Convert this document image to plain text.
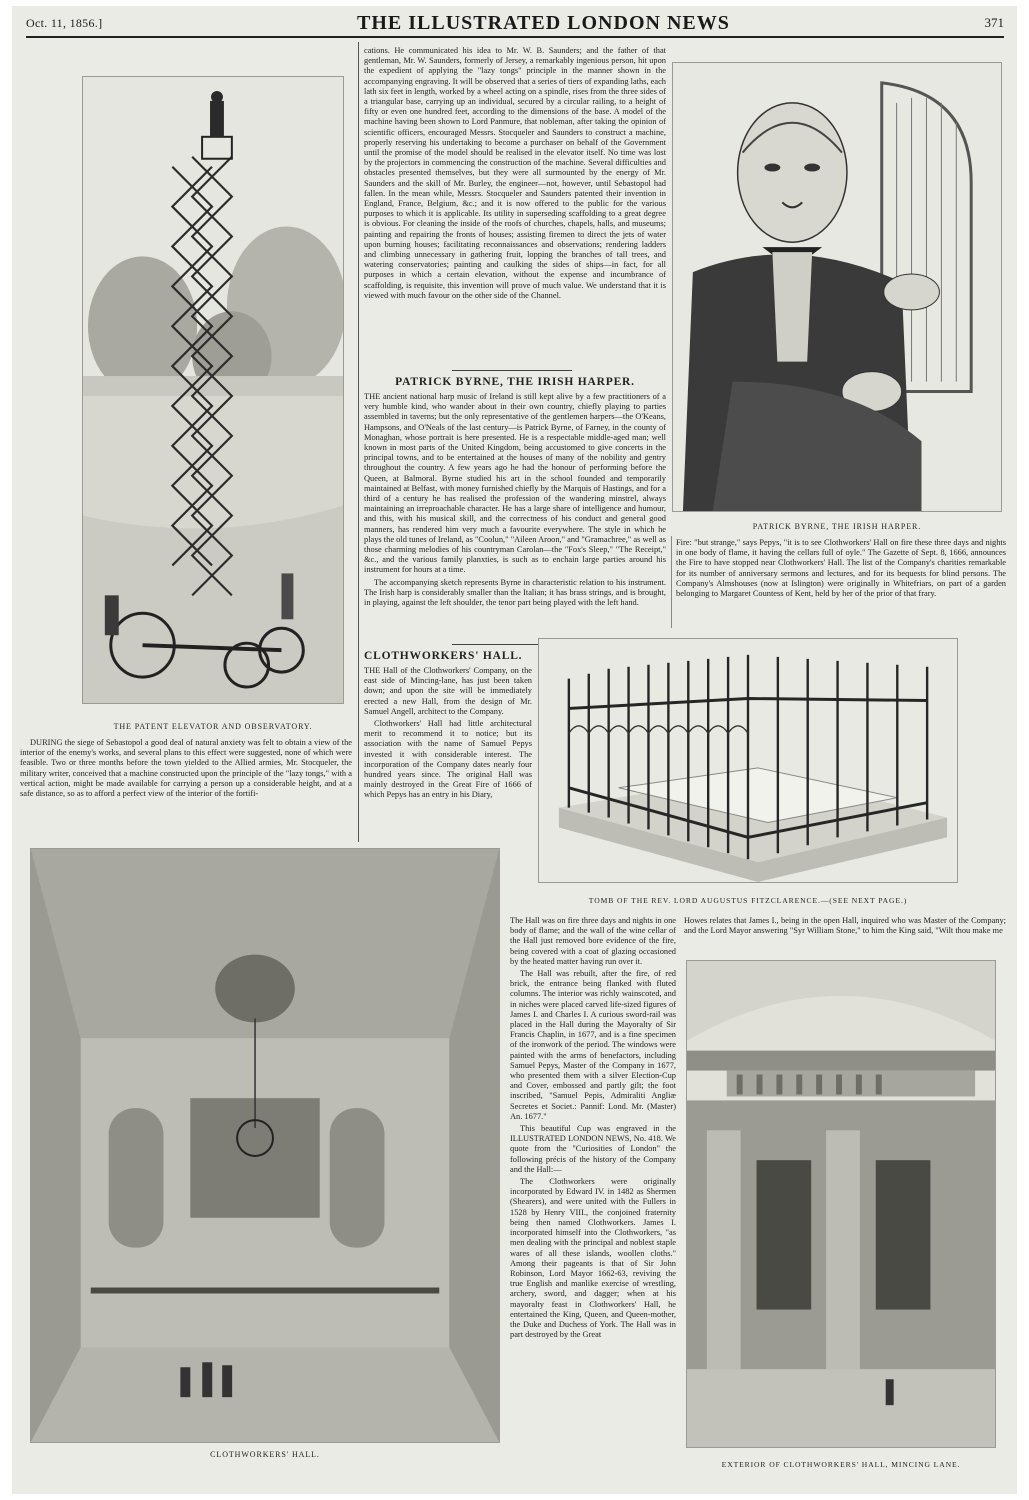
Oct. 11, 1856.]	THE ILLUSTRATED LONDON NEWS	371
THE PATENT ELEVATOR AND OBSERVATORY.

DURING the siege of Sebastopol a good deal of natural anxiety was felt to obtain a view of the interior of the enemy's works, and several plans to this effect were suggested, none of which were feasible. Two or three months before the town yielded to the Allied armies, Mr. Stocqueler, the military writer, conceived that a machine constructed upon the principle of the "lazy tongs," with a vertical action, might be made available for carrying a person up a considerable height, and at a safe distance, so as to afford a perfect view of the interior of the fortifi-

cations. He communicated his idea to Mr. W. B. Saunders; and the father of that gentleman, Mr. W. Saunders, formerly of Jersey, a remarkably ingenious person, hit upon the expedient of applying the "lazy tongs" principle in the manner shown in the accompanying engraving. It will be observed that a series of tiers of expanding laths, each lath six feet in length, worked by a wheel acting on a spindle, rises from the three sides of a triangular base, carrying up an individual, secured by a circular railing, to a height of fifty or even one hundred feet, according to the dimensions of the base. A model of the machine having been shown to Lord Panmure, that nobleman, after taking the opinion of scientific officers, encouraged Messrs. Stocqueler and Saunders to construct a machine, properly reserving his undertaking to become a purchaser on behalf of the Government until the promise of the model should be realised in the elevator itself. No time was lost by the projectors in commencing the construction of the machine. Several difficulties and obstacles presented themselves, but they were all surmounted by the energy of Mr. Saunders and the skill of Mr. Burley, the engineer—not, however, until Sebastopol had fallen. In the mean while, Messrs. Stocqueler and Saunders patented their invention in England, France, Belgium, &c.; and it is now offered to the public for the various purposes to which it is applicable. Its utility in superseding scaffolding to a great degree is obvious. For cleaning the inside of the roofs of churches, chapels, halls, and museums; painting and repairing the fronts of houses; assisting firemen to direct the jets of water upon burning houses; facilitating reconnaissances and observations; rendering ladders and climbing unnecessary in gathering fruit, lopping the branches of tall trees, and watering conservatories; painting and caulking the sides of ships—in fact, for all purposes in which a certain elevation, without the expense and incumbrance of scaffolding, is requisite, this invention will prove of much value. We understand that it is viewed with much favour on the other side of the Channel.

PATRICK BYRNE, THE IRISH HARPER.

THE ancient national harp music of Ireland is still kept alive by a few practitioners of a very humble kind, who wander about in their own country, chiefly playing to parties assembled in taverns; but the only representative of the gentlemen harpers—the O'Keans, Hampsons, and O'Neals of the last century—is Patrick Byrne, of Farney, in the county of Monaghan, whose portrait is here presented. He is a respectable middle-aged man; well known in most parts of the United Kingdom, being accustomed to give concerts in the principal towns, and to be entertained at the houses of many of the nobility and gentry throughout the country. A few years ago he had the honour of performing before the Queen, at Balmoral. Byrne studied his art in the school founded and temporarily maintained at Belfast, with money furnished chiefly by the Marquis of Hastings, and for a third of a century he has realised the profession of the wandering minstrel, always maintaining an irreproachable character. He has a large share of intelligence and humour, and this, with his musical skill, and the correctness of his conduct and general good manners, has rendered him very much a favourite everywhere. The style in which he plays the old tunes of Ireland, as "Coolun," "Aileen Aroon," and "Gramachree," as well as those charming melodies of his countryman Carolan—the "Fox's Sleep," "The Receipt," &c., and the various family planxties, is such as to enchain large parties around his instrument for hours at a time.

The accompanying sketch represents Byrne in characteristic relation to his instrument. The Irish harp is considerably smaller than the Italian; it has brass strings, and is brought, in playing, against the left shoulder, the tenor part being played with the left hand.

CLOTHWORKERS' HALL.

THE Hall of the Clothworkers' Company, on the east side of Mincing-lane, has just been taken down; and upon the site will be immediately erected a new Hall, from the design of Mr. Samuel Angell, architect to the Company.

Clothworkers' Hall had little architectural merit to recommend it to notice; but its association with the name of Samuel Pepys invested it with considerable interest. The incorporation of the Company dates nearly four hundred years since. The original Hall was mainly destroyed in the Great Fire of 1666 of which Pepys has an entry in his Diary,

PATRICK BYRNE, THE IRISH HARPER.

Fire: "but strange," says Pepys, "it is to see Clothworkers' Hall on fire these three days and nights in one body of flame, it having the cellars full of oyle." The Gazette of Sept. 8, 1666, announces the Fire to have stopped near Clothworkers' Hall. The list of the Company's charities remarkable for its number of anniversary sermons and lectures, and for its bequests for blind persons. The Company's Almshouses (now at Islington) were originally in Whitefriars, on part of a garden belonging to Margaret Countess of Kent, held by her of the prior of that frary.

TOMB OF THE REV. LORD AUGUSTUS FITZCLARENCE.—(SEE NEXT PAGE.)
CLOTHWORKERS' HALL.

The Hall was on fire three days and nights in one body of flame; and the wall of the wine cellar of the Hall just removed bore evidence of the fire, being covered with a coat of glazing occasioned by the heated matter having run over it.

The Hall was rebuilt, after the fire, of red brick, the entrance being flanked with fluted columns. The interior was richly wainscoted, and in niches were placed carved life-sized figures of James I. and Charles I. A curious sword-rail was placed in the Hall during the Mayoralty of Sir Francis Chaplin, in 1677, and is a fine specimen of the ironwork of the period. The windows were painted with the arms of benefactors, including Samuel Pepys, Master of the Company in 1677, who presented them with a silver Election-Cup and Cover, embossed and partly gilt; the foot inscribed, "Samuel Pepis, Admiraliti Angliæ Secretes et Societ.: Pannif: Lond. Mr. (Master) An. 1677."

This beautiful Cup was engraved in the ILLUSTRATED LONDON NEWS, No. 418. We quote from the "Curiosities of London" the following précis of the history of the Company and the Hall:—

The Clothworkers were originally incorporated by Edward IV. in 1482 as Shermen (Shearers), and were united with the Fullers in 1528 by Henry VIII., the conjoined fraternity being then named Clothworkers. James I. incorporated himself into the Clothworkers, "as men dealing with the principal and noblest staple wares of all these islands, woollen cloths." Among their pageants is that of Sir John Robinson, Lord Mayor 1662-63, reviving the true English and manlike exercise of wrestling, archery, sword, and dagger; when at his mayoralty feast in Clothworkers' Hall, he entertained the King, Queen, and Queen-mother, the Duke and Duchess of York. The Hall was in part destroyed by the Great

Howes relates that James I., being in the open Hall, inquired who was Master of the Company; and the Lord Mayor answering "Syr William Stone," to him the King said, "Wilt thou make me

EXTERIOR OF CLOTHWORKERS' HALL, MINCING LANE.
